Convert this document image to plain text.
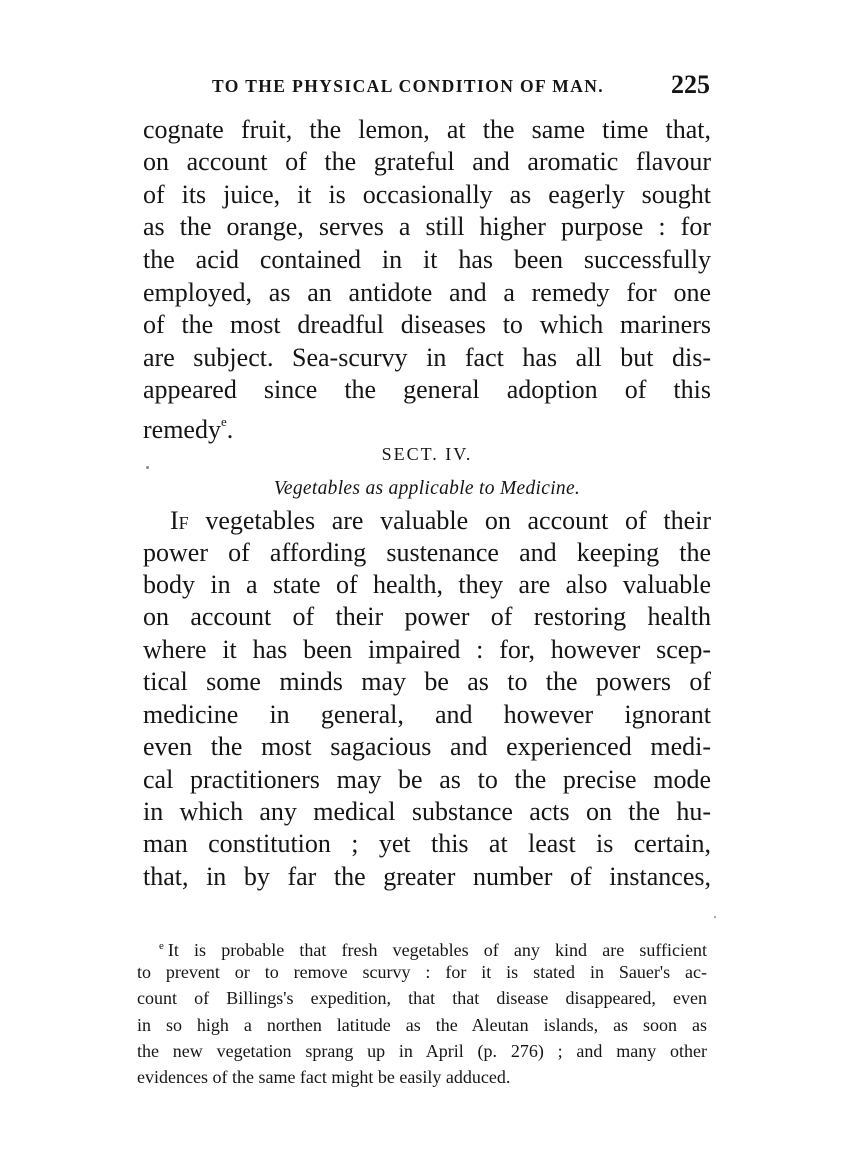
TO THE PHYSICAL CONDITION OF MAN.	225
cognate fruit, the lemon, at the same time that,
on account of the grateful and aromatic flavour
of its juice, it is occasionally as eagerly sought
as the orange, serves a still higher purpose : for
the acid contained in it has been successfully
employed, as an antidote and a remedy for one
of the most dreadful diseases to which mariners
are subject. Sea-scurvy in fact has all but dis-
appeared since the general adoption of this
remedy$^e$.
SECT. IV.
Vegetables as applicable to Medicine.
If vegetables are valuable on account of their
power of affording sustenance and keeping the
body in a state of health, they are also valuable
on account of their power of restoring health
where it has been impaired : for, however scep-
tical some minds may be as to the powers of
medicine in general, and however ignorant
even the most sagacious and experienced medi-
cal practitioners may be as to the precise mode
in which any medical substance acts on the hu-
man constitution ; yet this at least is certain,
that, in by far the greater number of instances,
$^e$ It is probable that fresh vegetables of any kind are sufficient
to prevent or to remove scurvy : for it is stated in Sauer's ac-
count of Billings's expedition, that that disease disappeared, even
in so high a northen latitude as the Aleutan islands, as soon as
the new vegetation sprang up in April (p. 276) ; and many other
evidences of the same fact might be easily adduced.
